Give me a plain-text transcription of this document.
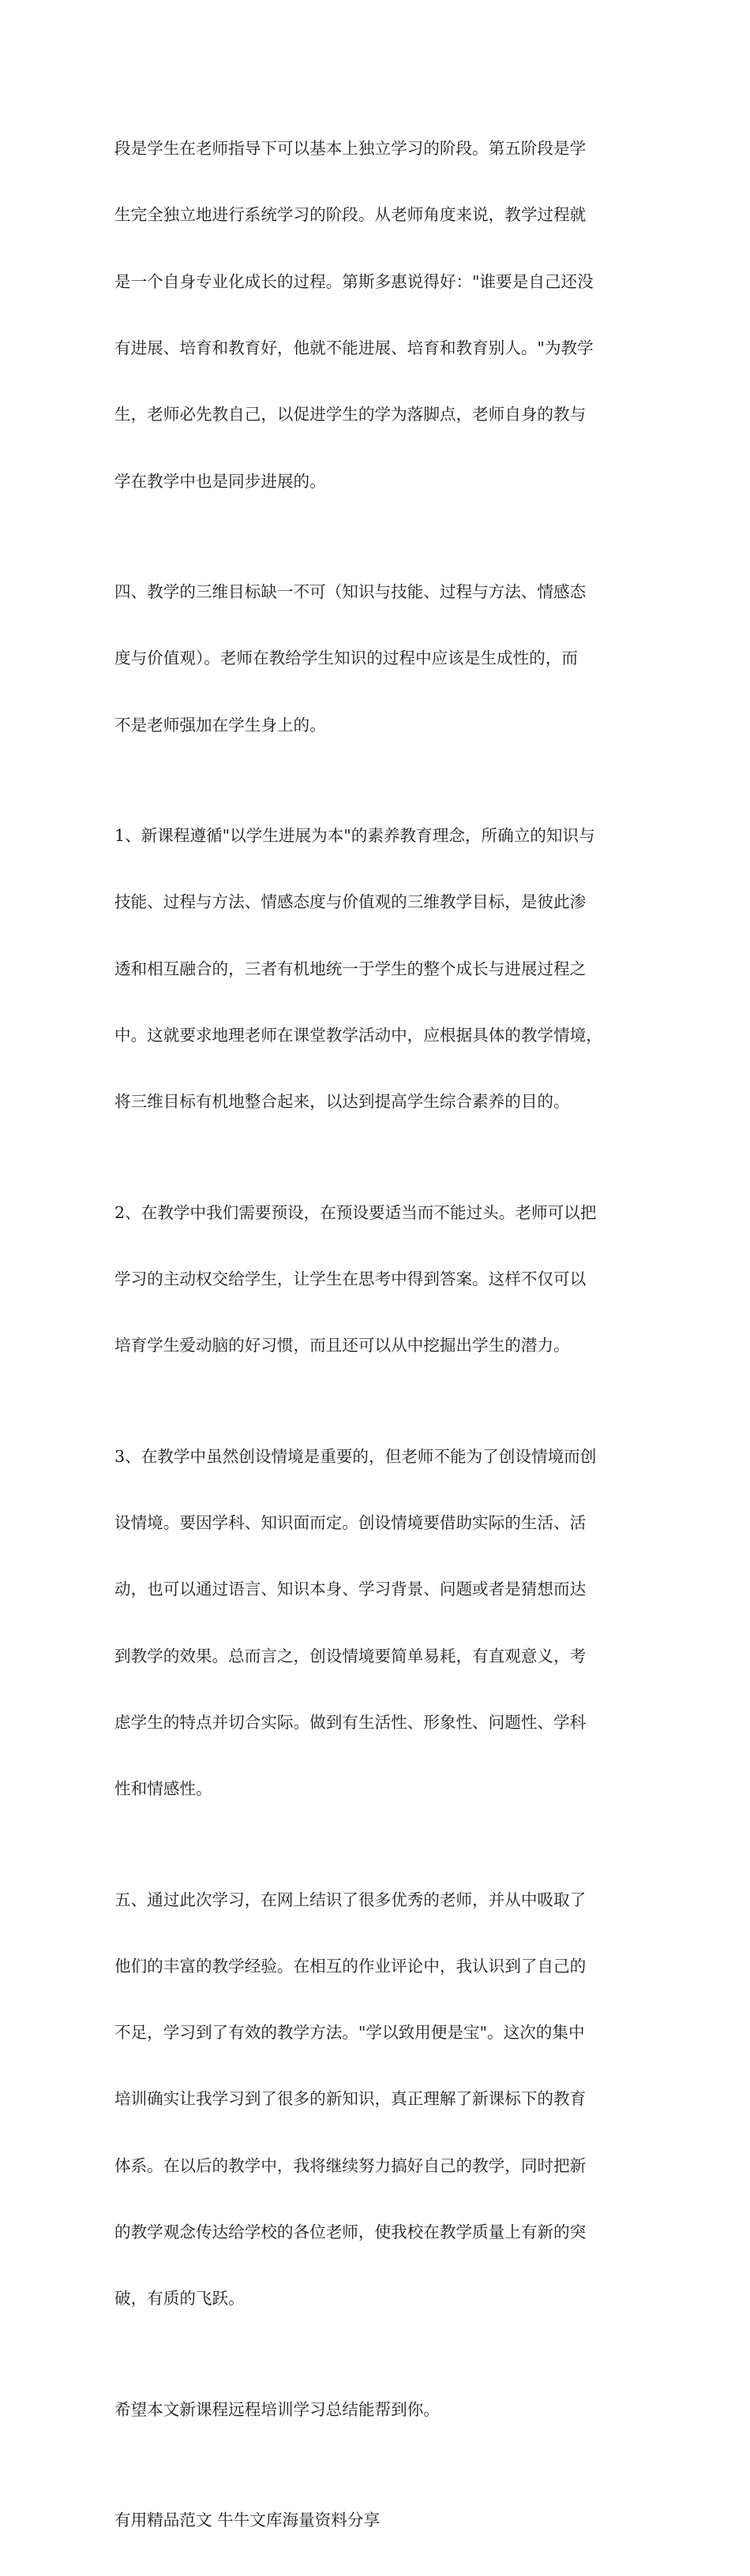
段是学生在老师指导下可以基本上独立学习的阶段。第五阶段是学

生完全独立地进行系统学习的阶段。从老师角度来说，教学过程就

是一个自身专业化成长的过程。第斯多惠说得好："谁要是自己还没

有进展、培育和教育好，他就不能进展、培育和教育别人。"为教学

生，老师必先教自己，以促进学生的学为落脚点，老师自身的教与

学在教学中也是同步进展的。

四、教学的三维目标缺一不可（知识与技能、过程与方法、情感态

度与价值观）。老师在教给学生知识的过程中应该是生成性的，而

不是老师强加在学生身上的。

1、新课程遵循"以学生进展为本"的素养教育理念，所确立的知识与

技能、过程与方法、情感态度与价值观的三维教学目标，是彼此渗

透和相互融合的，三者有机地统一于学生的整个成长与进展过程之

中。这就要求地理老师在课堂教学活动中，应根据具体的教学情境，

将三维目标有机地整合起来，以达到提高学生综合素养的目的。

2、在教学中我们需要预设，在预设要适当而不能过头。老师可以把

学习的主动权交给学生，让学生在思考中得到答案。这样不仅可以

培育学生爱动脑的好习惯，而且还可以从中挖掘出学生的潜力。

3、在教学中虽然创设情境是重要的，但老师不能为了创设情境而创

设情境。要因学科、知识面而定。创设情境要借助实际的生活、活

动，也可以通过语言、知识本身、学习背景、问题或者是猜想而达

到教学的效果。总而言之，创设情境要简单易耗，有直观意义，考

虑学生的特点并切合实际。做到有生活性、形象性、问题性、学科

性和情感性。

五、通过此次学习，在网上结识了很多优秀的老师，并从中吸取了

他们的丰富的教学经验。在相互的作业评论中，我认识到了自己的

不足，学习到了有效的教学方法。"学以致用便是宝"。这次的集中

培训确实让我学习到了很多的新知识，真正理解了新课标下的教育

体系。在以后的教学中，我将继续努力搞好自己的教学，同时把新

的教学观念传达给学校的各位老师，使我校在教学质量上有新的突

破，有质的飞跃。

希望本文新课程远程培训学习总结能帮到你。

有用精品范文 牛牛文库海量资料分享
